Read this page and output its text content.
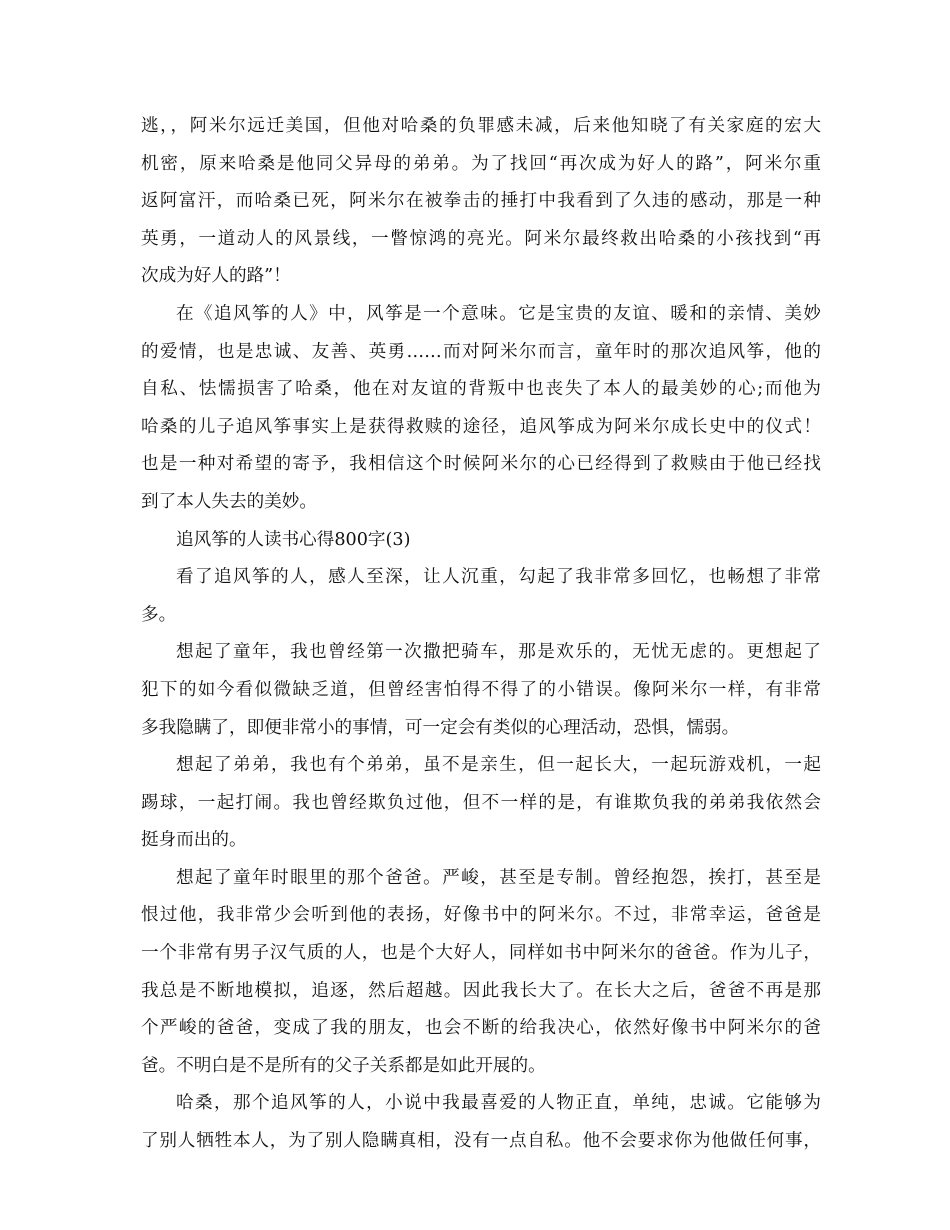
逃，，阿米尔远迁美国，但他对哈桑的负罪感未减，后来他知晓了有关家庭的宏大
机密，原来哈桑是他同父异母的弟弟。为了找回“再次成为好人的路”，阿米尔重
返阿富汗，而哈桑已死，阿米尔在被拳击的捶打中我看到了久违的感动，那是一种
英勇，一道动人的风景线，一瞥惊鸿的亮光。阿米尔最终救出哈桑的小孩找到“再
次成为好人的路”！
在《追风筝的人》中，风筝是一个意味。它是宝贵的友谊、暖和的亲情、美妙
的爱情，也是忠诚、友善、英勇……而对阿米尔而言，童年时的那次追风筝，他的
自私、怯懦损害了哈桑，他在对友谊的背叛中也丧失了本人的最美妙的心;而他为
哈桑的儿子追风筝事实上是获得救赎的途径，追风筝成为阿米尔成长史中的仪式！
也是一种对希望的寄予，我相信这个时候阿米尔的心已经得到了救赎由于他已经找
到了本人失去的美妙。
追风筝的人读书心得800字(3)
看了追风筝的人，感人至深，让人沉重，勾起了我非常多回忆，也畅想了非常
多。
想起了童年，我也曾经第一次撒把骑车，那是欢乐的，无忧无虑的。更想起了
犯下的如今看似微缺乏道，但曾经害怕得不得了的小错误。像阿米尔一样，有非常
多我隐瞒了，即便非常小的事情，可一定会有类似的心理活动，恐惧，懦弱。
想起了弟弟，我也有个弟弟，虽不是亲生，但一起长大，一起玩游戏机，一起
踢球，一起打闹。我也曾经欺负过他，但不一样的是，有谁欺负我的弟弟我依然会
挺身而出的。
想起了童年时眼里的那个爸爸。严峻，甚至是专制。曾经抱怨，挨打，甚至是
恨过他，我非常少会听到他的表扬，好像书中的阿米尔。不过，非常幸运，爸爸是
一个非常有男子汉气质的人，也是个大好人，同样如书中阿米尔的爸爸。作为儿子，
我总是不断地模拟，追逐，然后超越。因此我长大了。在长大之后，爸爸不再是那
个严峻的爸爸，变成了我的朋友，也会不断的给我决心，依然好像书中阿米尔的爸
爸。不明白是不是所有的父子关系都是如此开展的。
哈桑，那个追风筝的人，小说中我最喜爱的人物正直，单纯，忠诚。它能够为
了别人牺牲本人，为了别人隐瞒真相，没有一点自私。他不会要求你为他做任何事，
